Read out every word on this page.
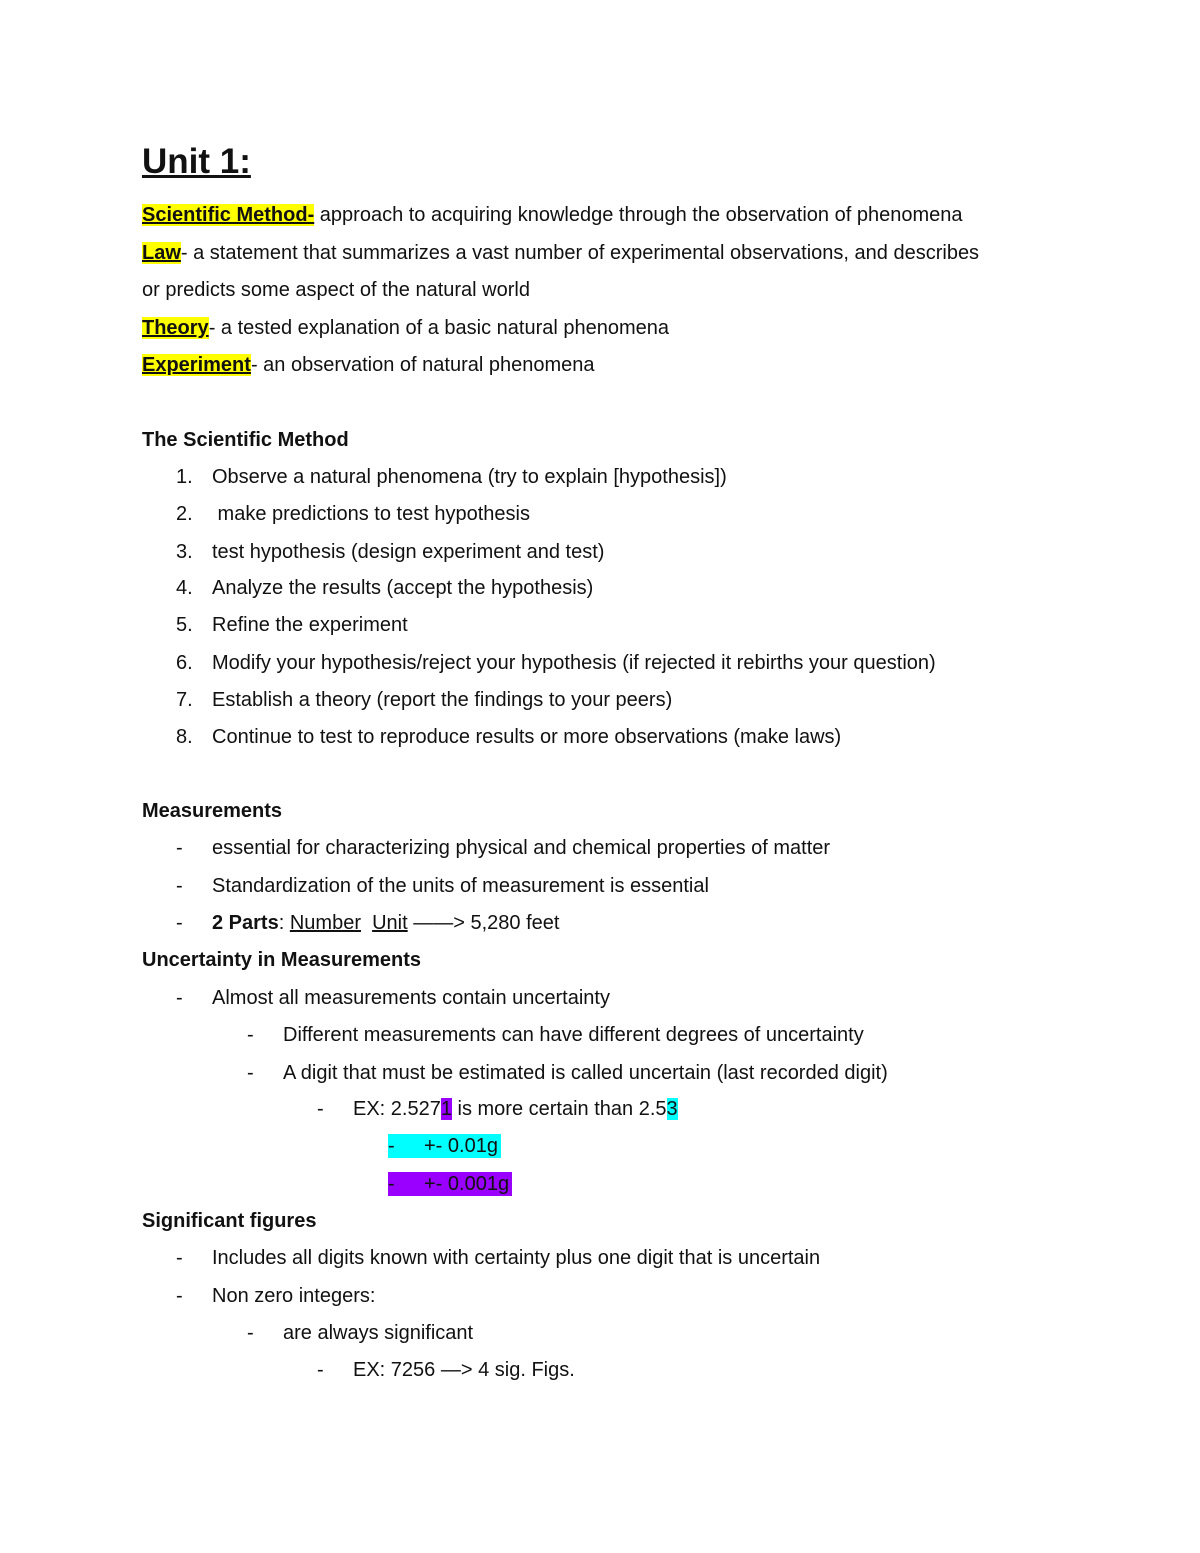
Unit 1:
Scientific Method- approach to acquiring knowledge through the observation of phenomena
Law- a statement that summarizes a vast number of experimental observations, and describes
or predicts some aspect of the natural world
Theory- a tested explanation of a basic natural phenomena
Experiment- an observation of natural phenomena
The Scientific Method
1. Observe a natural phenomena (try to explain [hypothesis])
2. make predictions to test hypothesis
3. test hypothesis (design experiment and test)
4. Analyze the results (accept the hypothesis)
5. Refine the experiment
6. Modify your hypothesis/reject your hypothesis (if rejected it rebirths your question)
7. Establish a theory (report the findings to your peers)
8. Continue to test to reproduce results or more observations (make laws)
Measurements
- essential for characterizing physical and chemical properties of matter
- Standardization of the units of measurement is essential
- 2 Parts: Number Unit ——> 5,280 feet
Uncertainty in Measurements
- Almost all measurements contain uncertainty
- Different measurements can have different degrees of uncertainty
- A digit that must be estimated is called uncertain (last recorded digit)
- EX: 2.5271 is more certain than 2.53
- +- 0.01g
- +- 0.001g
Significant figures
- Includes all digits known with certainty plus one digit that is uncertain
- Non zero integers:
- are always significant
- EX: 7256 —> 4 sig. Figs.
